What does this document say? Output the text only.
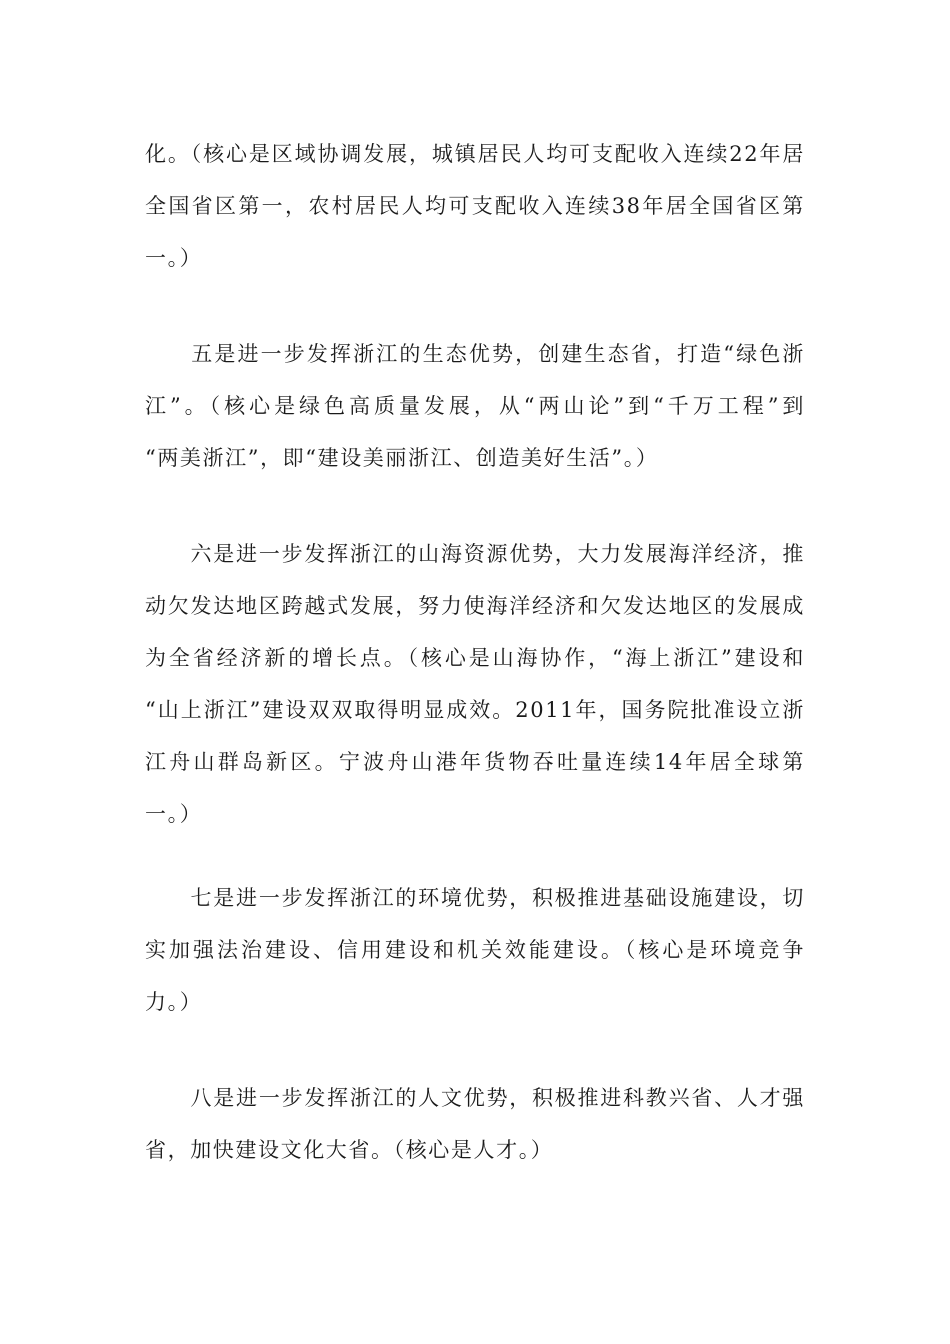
化。（核心是区域协调发展，城镇居民人均可支配收入连续22年居
全国省区第一，农村居民人均可支配收入连续38年居全国省区第
一。）
　　五是进一步发挥浙江的生态优势，创建生态省，打造“绿色浙
江”。（核心是绿色高质量发展，从“两山论”到“千万工程”到
“两美浙江”，即“建设美丽浙江、创造美好生活”。）
　　六是进一步发挥浙江的山海资源优势，大力发展海洋经济，推
动欠发达地区跨越式发展，努力使海洋经济和欠发达地区的发展成
为全省经济新的增长点。（核心是山海协作，“海上浙江”建设和
“山上浙江”建设双双取得明显成效。2011年，国务院批准设立浙
江舟山群岛新区。宁波舟山港年货物吞吐量连续14年居全球第
一。）
　　七是进一步发挥浙江的环境优势，积极推进基础设施建设，切
实加强法治建设、信用建设和机关效能建设。（核心是环境竞争
力。）
　　八是进一步发挥浙江的人文优势，积极推进科教兴省、人才强
省，加快建设文化大省。（核心是人才。）
